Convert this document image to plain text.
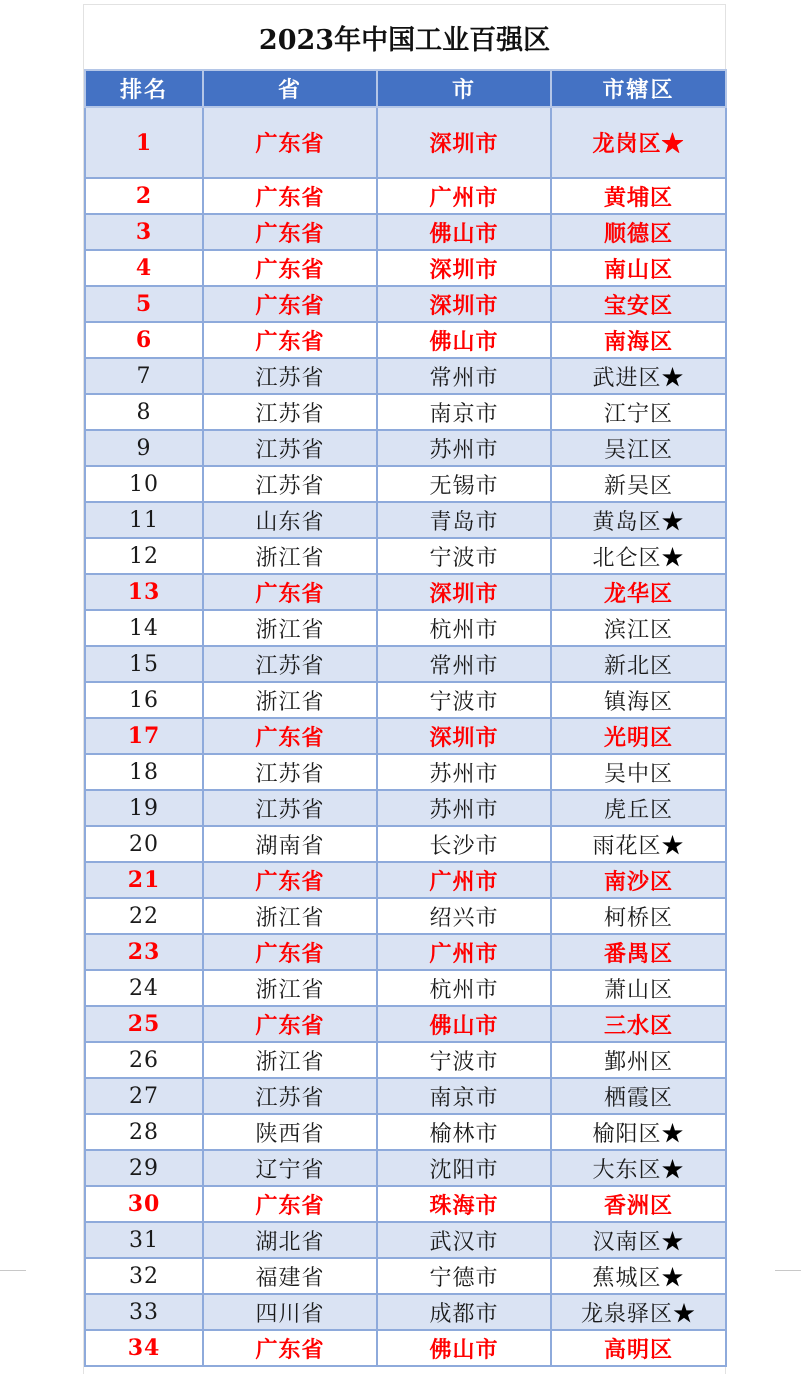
2023年中国工业百强区
排名	省	市	市辖区
1	广东省	深圳市	龙岗区★
2	广东省	广州市	黄埔区
3	广东省	佛山市	顺德区
4	广东省	深圳市	南山区
5	广东省	深圳市	宝安区
6	广东省	佛山市	南海区
7	江苏省	常州市	武进区★
8	江苏省	南京市	江宁区
9	江苏省	苏州市	吴江区
10	江苏省	无锡市	新吴区
11	山东省	青岛市	黄岛区★
12	浙江省	宁波市	北仑区★
13	广东省	深圳市	龙华区
14	浙江省	杭州市	滨江区
15	江苏省	常州市	新北区
16	浙江省	宁波市	镇海区
17	广东省	深圳市	光明区
18	江苏省	苏州市	吴中区
19	江苏省	苏州市	虎丘区
20	湖南省	长沙市	雨花区★
21	广东省	广州市	南沙区
22	浙江省	绍兴市	柯桥区
23	广东省	广州市	番禺区
24	浙江省	杭州市	萧山区
25	广东省	佛山市	三水区
26	浙江省	宁波市	鄞州区
27	江苏省	南京市	栖霞区
28	陕西省	榆林市	榆阳区★
29	辽宁省	沈阳市	大东区★
30	广东省	珠海市	香洲区
31	湖北省	武汉市	汉南区★
32	福建省	宁德市	蕉城区★
33	四川省	成都市	龙泉驿区★
34	广东省	佛山市	高明区
